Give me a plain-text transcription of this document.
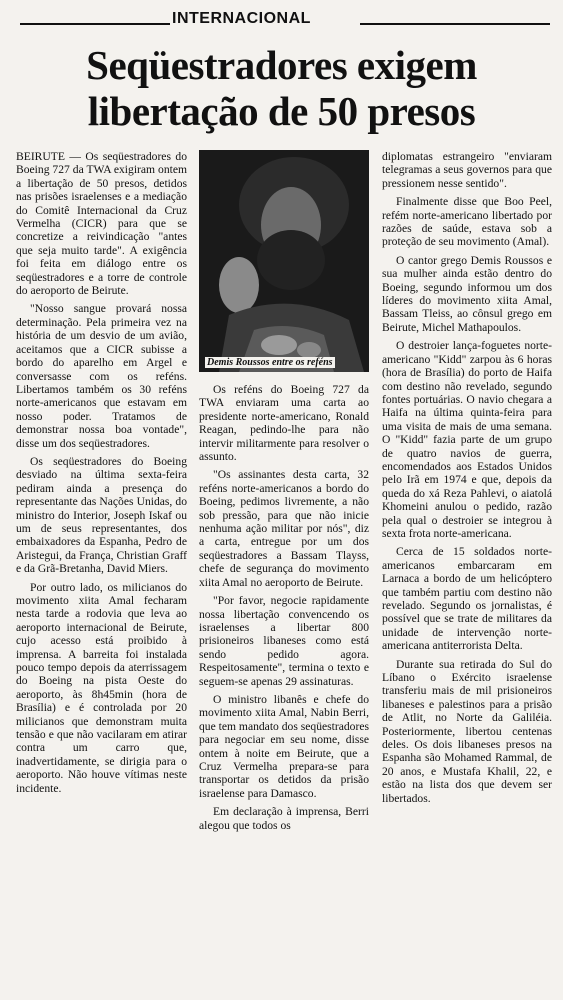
INTERNACIONAL
Seqüestradores exigem
libertação de 50 presos

BEIRUTE — Os seqüestradores do Boeing 727 da TWA exigiram ontem a libertação de 50 presos, detidos nas prisões israelenses e a mediação do Comitê Internacional da Cruz Vermelha (CICR) para que se concretize a reivindicação "antes que seja muito tarde". A exigência foi feita em diálogo entre os seqüestradores e a torre de controle do aeroporto de Beirute.

"Nosso sangue provará nossa determinação. Pela primeira vez na história de um desvio de um avião, aceitamos que a CICR subisse a bordo do aparelho em Argel e conversasse com os reféns. Libertamos também os 30 reféns norte-americanos que estavam em nosso poder. Tratamos de demonstrar nossa boa vontade", disse um dos seqüestradores.

Os seqüestradores do Boeing desviado na última sexta-feira pediram ainda a presença do representante das Nações Unidas, do ministro do Interior, Joseph Iskaf ou um de seus representantes, dos embaixadores da Espanha, Pedro de Aristegui, da França, Christian Graff e da Grã-Bretanha, David Miers.

Por outro lado, os milicianos do movimento xiita Amal fecharam nesta tarde a rodovia que leva ao aeroporto internacional de Beirute, cujo acesso está proibido à imprensa. A barreita foi instalada pouco tempo depois da aterrissagem do Boeing na pista Oeste do aeroporto, às 8h45min (hora de Brasília) e é controlada por 20 milicianos que demonstram muita tensão e que não vacilaram em atirar contra um carro que, inadvertidamente, se dirigia para o aeroporto. Não houve vítimas neste incidente.

Demis Roussos entre os reféns

Os reféns do Boeing 727 da TWA enviaram uma carta ao presidente norte-americano, Ronald Reagan, pedindo-lhe para não intervir militarmente para resolver o assunto.

"Os assinantes desta carta, 32 reféns norte-americanos a bordo do Boeing, pedimos livremente, a não sob pressão, para que não inicie nenhuma ação militar por nós", diz a carta, entregue por um dos seqüestradores a Bassam Tlayss, chefe de segurança do movimento xiita Amal no aeroporto de Beirute.

"Por favor, negocie rapidamente nossa libertação convencendo os israelenses a libertar 800 prisioneiros libaneses como está sendo pedido agora. Respeitosamente", termina o texto e seguem-se apenas 29 assinaturas.

O ministro libanês e chefe do movimento xiita Amal, Nabin Berri, que tem mandato dos seqüestradores para negociar em seu nome, disse ontem à noite em Beirute, que a Cruz Vermelha prepara-se para transportar os detidos da prisão israelense para Damasco.

Em declaração à imprensa, Berri alegou que todos os

diplomatas estrangeiro "enviaram telegramas a seus governos para que pressionem nesse sentido".

Finalmente disse que Boo Peel, refém norte-americano libertado por razões de saúde, estava sob a proteção de seu movimento (Amal).

O cantor grego Demis Roussos e sua mulher ainda estão dentro do Boeing, segundo informou um dos líderes do movimento xiita Amal, Bassam Tleiss, ao cônsul grego em Beirute, Michel Mathapoulos.

O destroier lança-foguetes norte-americano "Kidd" zarpou às 6 horas (hora de Brasília) do porto de Haifa com destino não revelado, segundo fontes portuárias. O navio chegara a Haifa na última quinta-feira para uma visita de mais de uma semana. O "Kidd" fazia parte de um grupo de quatro navios de guerra, encomendados aos Estados Unidos pelo Irã em 1974 e que, depois da queda do xá Reza Pahlevi, o aiatolá Khomeini anulou o pedido, razão pela qual o destroier se integrou à sexta frota norte-americana.

Cerca de 15 soldados norte-americanos embarcaram em Larnaca a bordo de um helicóptero que também partiu com destino não revelado. Segundo os jornalistas, é possível que se trate de militares da unidade de intervenção norte-americana antiterrorista Delta.

Durante sua retirada do Sul do Líbano o Exército israelense transferiu mais de mil prisioneiros libaneses e palestinos para a prisão de Atlit, no Norte da Galiléia. Posteriormente, libertou centenas deles. Os dois libaneses presos na Espanha são Mohamed Rammal, de 20 anos, e Mustafa Khalil, 22, e estão na lista dos que devem ser libertados.
